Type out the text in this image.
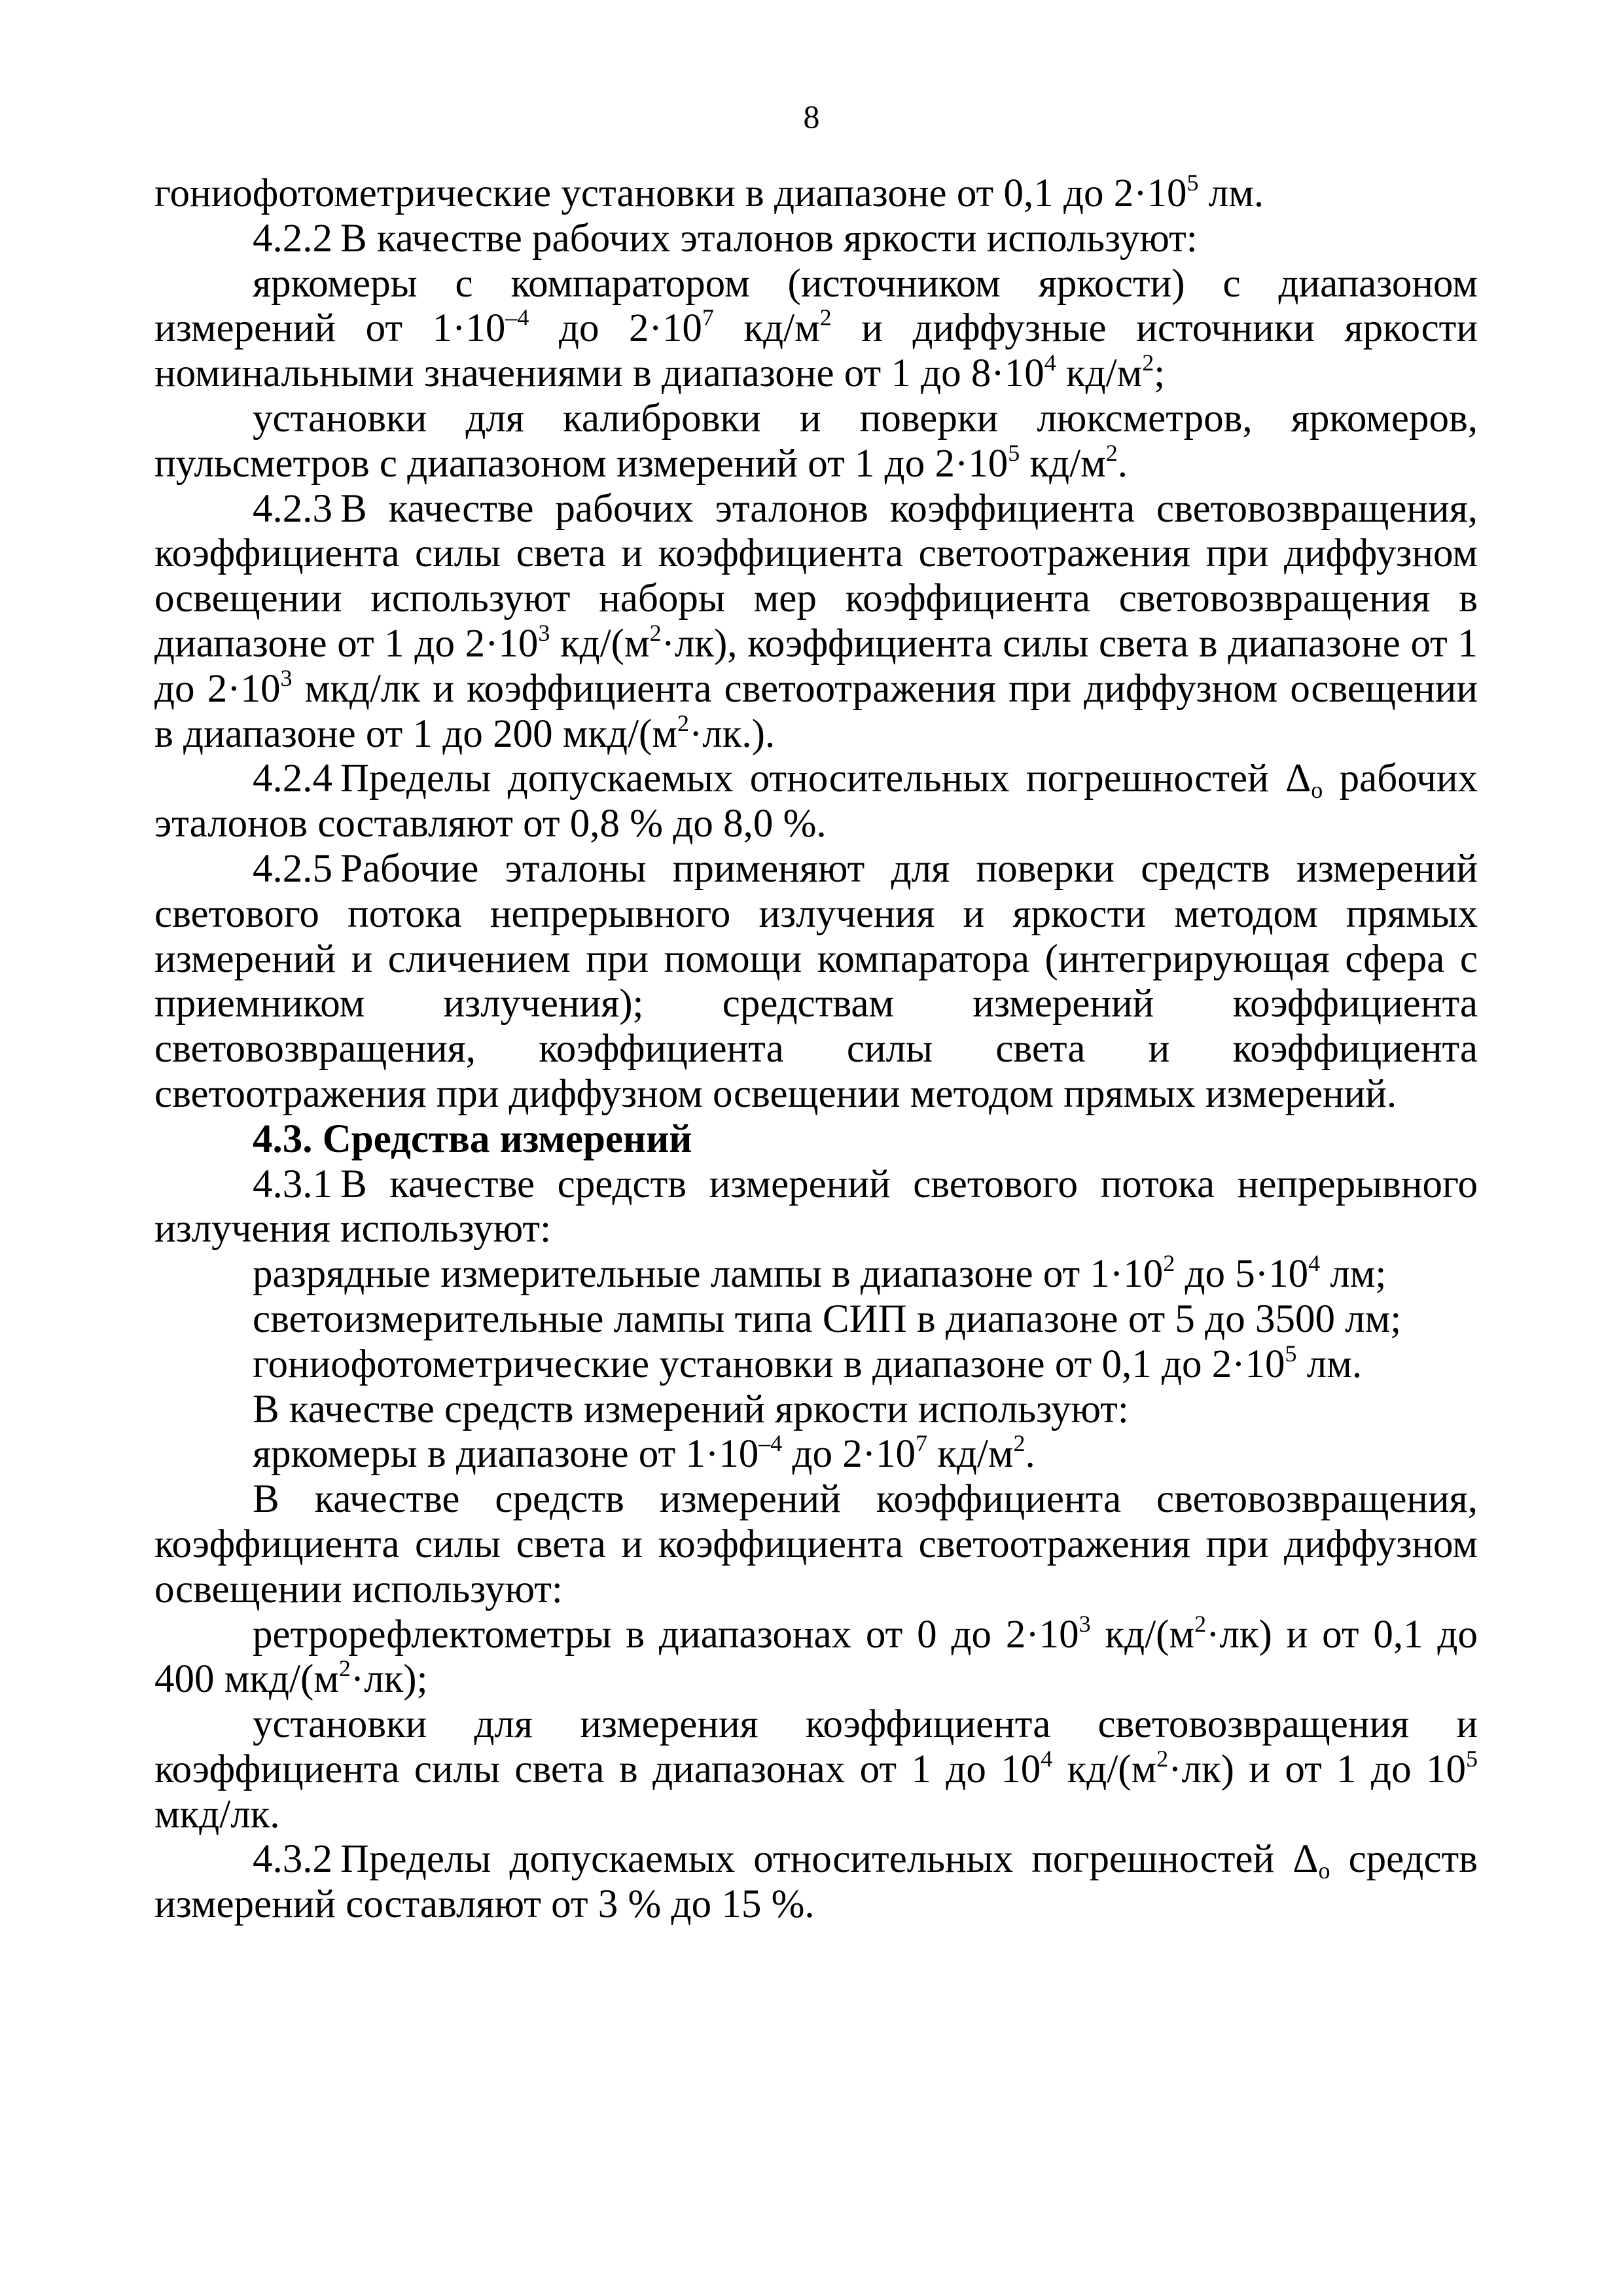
8

гониофотометрические установки в диапазоне от 0,1 до $2\cdot 10^5$ лм.

4.2.2 В качестве рабочих эталонов яркости используют:

яркомеры с компаратором (источником яркости) с диапазоном измерений от $1\cdot 10^{-4}$ до $2\cdot 10^7$ $кд/м^2$ и диффузные источники яркости номинальными значениями в диапазоне от 1 до $8\cdot 10^4$ $кд/м^2$;

установки для калибровки и поверки люксметров, яркомеров, пульсметров с диапазоном измерений от 1 до $2\cdot 10^5$ $кд/м^2$.

4.2.3 В качестве рабочих эталонов коэффициента световозвращения, коэффициента силы света и коэффициента светоотражения при диффузном освещении используют наборы мер коэффициента световозвращения в диапазоне от 1 до $2\cdot 10^3$ $кд/(м^2\cdot лк)$, коэффициента силы света в диапазоне от 1 до $2\cdot 10^3$ мкд/лк и коэффициента светоотражения при диффузном освещении в диапазоне от 1 до 200 мкд/$(м^2\cdot лк.)$.

4.2.4 Пределы допускаемых относительных погрешностей $\Delta_о$ рабочих эталонов составляют от 0,8 % до 8,0 %.

4.2.5 Рабочие эталоны применяют для поверки средств измерений светового потока непрерывного излучения и яркости методом прямых измерений и сличением при помощи компаратора (интегрирующая сфера с приемником излучения); средствам измерений коэффициента световозвращения, коэффициента силы света и коэффициента светоотражения при диффузном освещении методом прямых измерений.

4.3. Средства измерений

4.3.1 В качестве средств измерений светового потока непрерывного излучения используют:

разрядные измерительные лампы в диапазоне от $1\cdot 10^2$ до $5\cdot 10^4$ лм;

светоизмерительные лампы типа СИП в диапазоне от 5 до 3500 лм;

гониофотометрические установки в диапазоне от 0,1 до $2\cdot 10^5$ лм.

В качестве средств измерений яркости используют:

яркомеры в диапазоне от $1\cdot 10^{-4}$ до $2\cdot 10^7$ $кд/м^2$.

В качестве средств измерений коэффициента световозвращения, коэффициента силы света и коэффициента светоотражения при диффузном освещении используют:

ретрорефлектометры в диапазонах от 0 до $2\cdot 10^3$ $кд/(м^2\cdot лк)$ и от 0,1 до 400 мкд/$(м^2\cdot лк)$;

установки для измерения коэффициента световозвращения и коэффициента силы света в диапазонах от 1 до $10^4$ $кд/(м^2\cdot лк)$ и от 1 до $10^5$ мкд/лк.

4.3.2 Пределы допускаемых относительных погрешностей $\Delta_о$ средств измерений составляют от 3 % до 15 %.
